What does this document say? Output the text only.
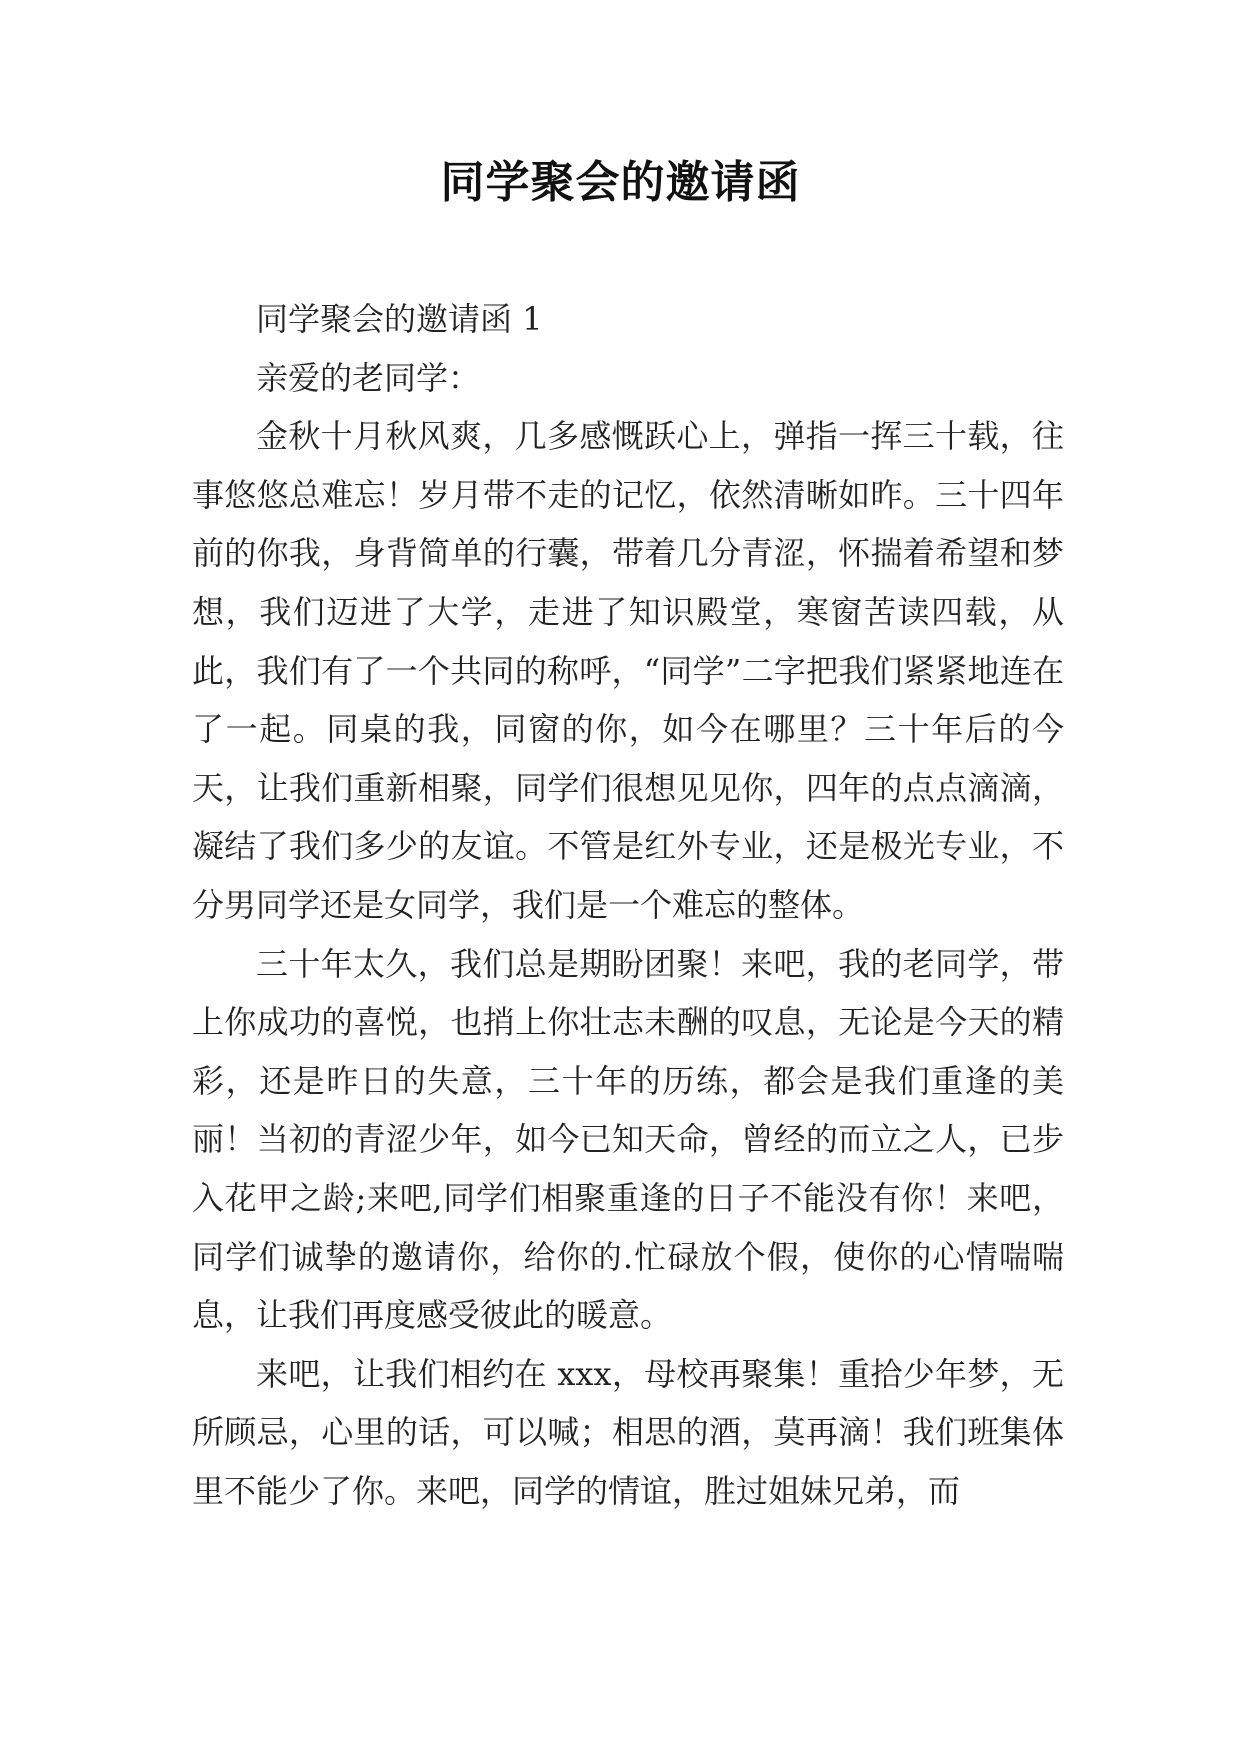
同学聚会的邀请函

同学聚会的邀请函 1

亲爱的老同学：

金秋十月秋风爽，几多感慨跃心上，弹指一挥三十载，往事悠悠总难忘！岁月带不走的记忆，依然清晰如昨。三十四年前的你我，身背简单的行囊，带着几分青涩，怀揣着希望和梦想，我们迈进了大学，走进了知识殿堂，寒窗苦读四载，从此，我们有了一个共同的称呼，“同学”二字把我们紧紧地连在了一起。同桌的我，同窗的你，如今在哪里？三十年后的今天，让我们重新相聚，同学们很想见见你，四年的点点滴滴，凝结了我们多少的友谊。不管是红外专业，还是极光专业，不分男同学还是女同学，我们是一个难忘的整体。

三十年太久，我们总是期盼团聚！来吧，我的老同学，带上你成功的喜悦，也捎上你壮志未酬的叹息，无论是今天的精彩，还是昨日的失意，三十年的历练，都会是我们重逢的美丽！当初的青涩少年，如今已知天命，曾经的而立之人，已步入花甲之龄;来吧,同学们相聚重逢的日子不能没有你！来吧，同学们诚挚的邀请你，给你的.忙碌放个假，使你的心情喘喘息，让我们再度感受彼此的暖意。

来吧，让我们相约在 xxx，母校再聚集！重拾少年梦，无所顾忌，心里的话，可以喊；相思的酒，莫再滴！我们班集体里不能少了你。来吧，同学的情谊，胜过姐妹兄弟，而
